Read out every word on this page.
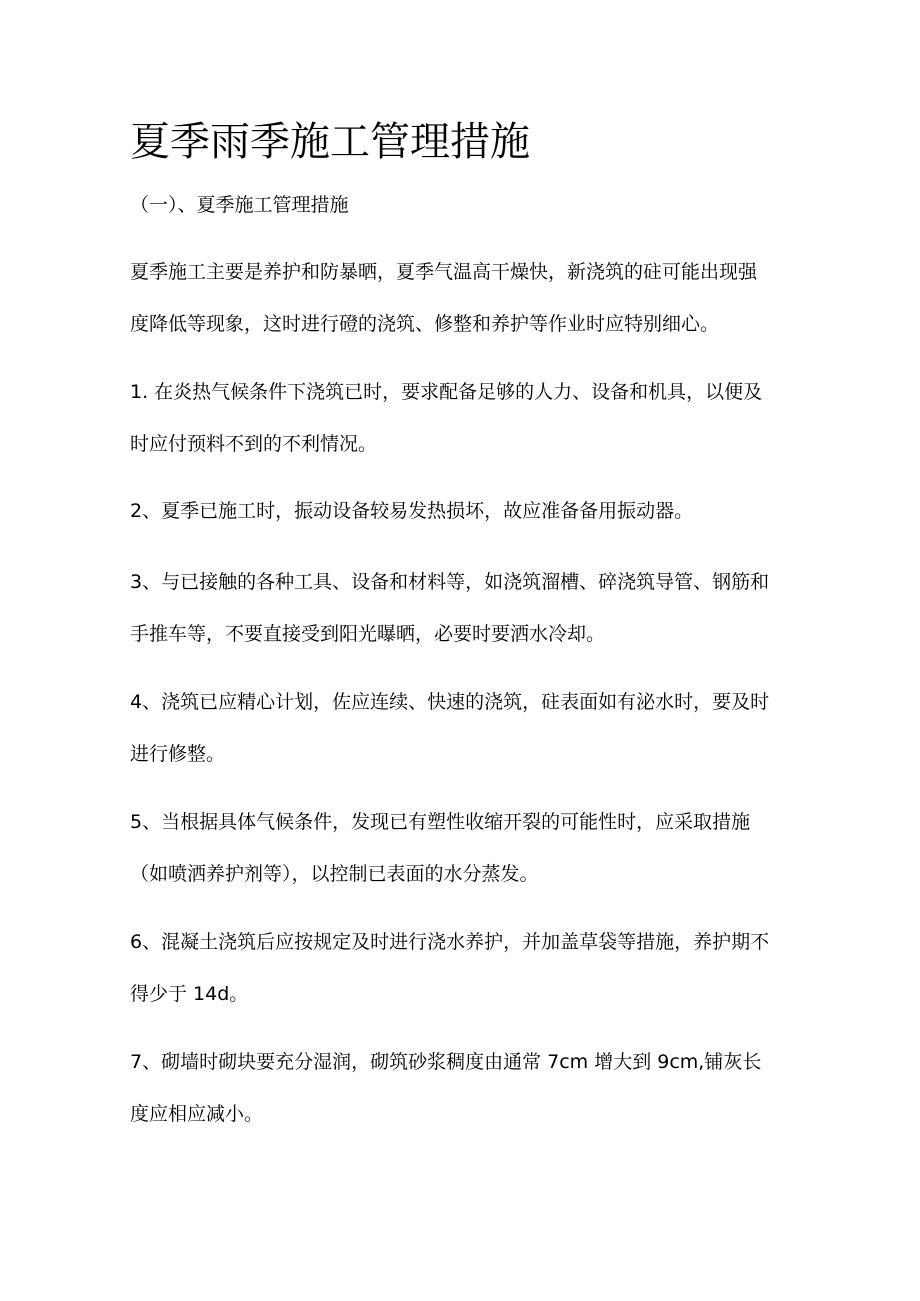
夏季雨季施工管理措施
（一）、夏季施工管理措施
夏季施工主要是养护和防暴晒，夏季气温高干燥快，新浇筑的砫可能出现强
度降低等现象，这时进行磴的浇筑、修整和养护等作业时应特别细心。
1. 在炎热气候条件下浇筑已时，要求配备足够的人力、设备和机具，以便及
时应付预料不到的不利情况。
2、夏季已施工时，振动设备较易发热损坏，故应准备备用振动器。
3、与已接触的各种工具、设备和材料等，如浇筑溜槽、碎浇筑导管、钢筋和
手推车等，不要直接受到阳光曝晒，必要时要洒水冷却。
4、浇筑已应精心计划，佐应连续、快速的浇筑，砫表面如有泌水时，要及时
进行修整。
5、当根据具体气候条件，发现已有塑性收缩开裂的可能性时，应采取措施
（如喷洒养护剂等），以控制已表面的水分蒸发。
6、混凝土浇筑后应按规定及时进行浇水养护，并加盖草袋等措施，养护期不
得少于 14d。
7、砌墙时砌块要充分湿润，砌筑砂浆稠度由通常 7cm 增大到 9cm,铺灰长
度应相应减小。
